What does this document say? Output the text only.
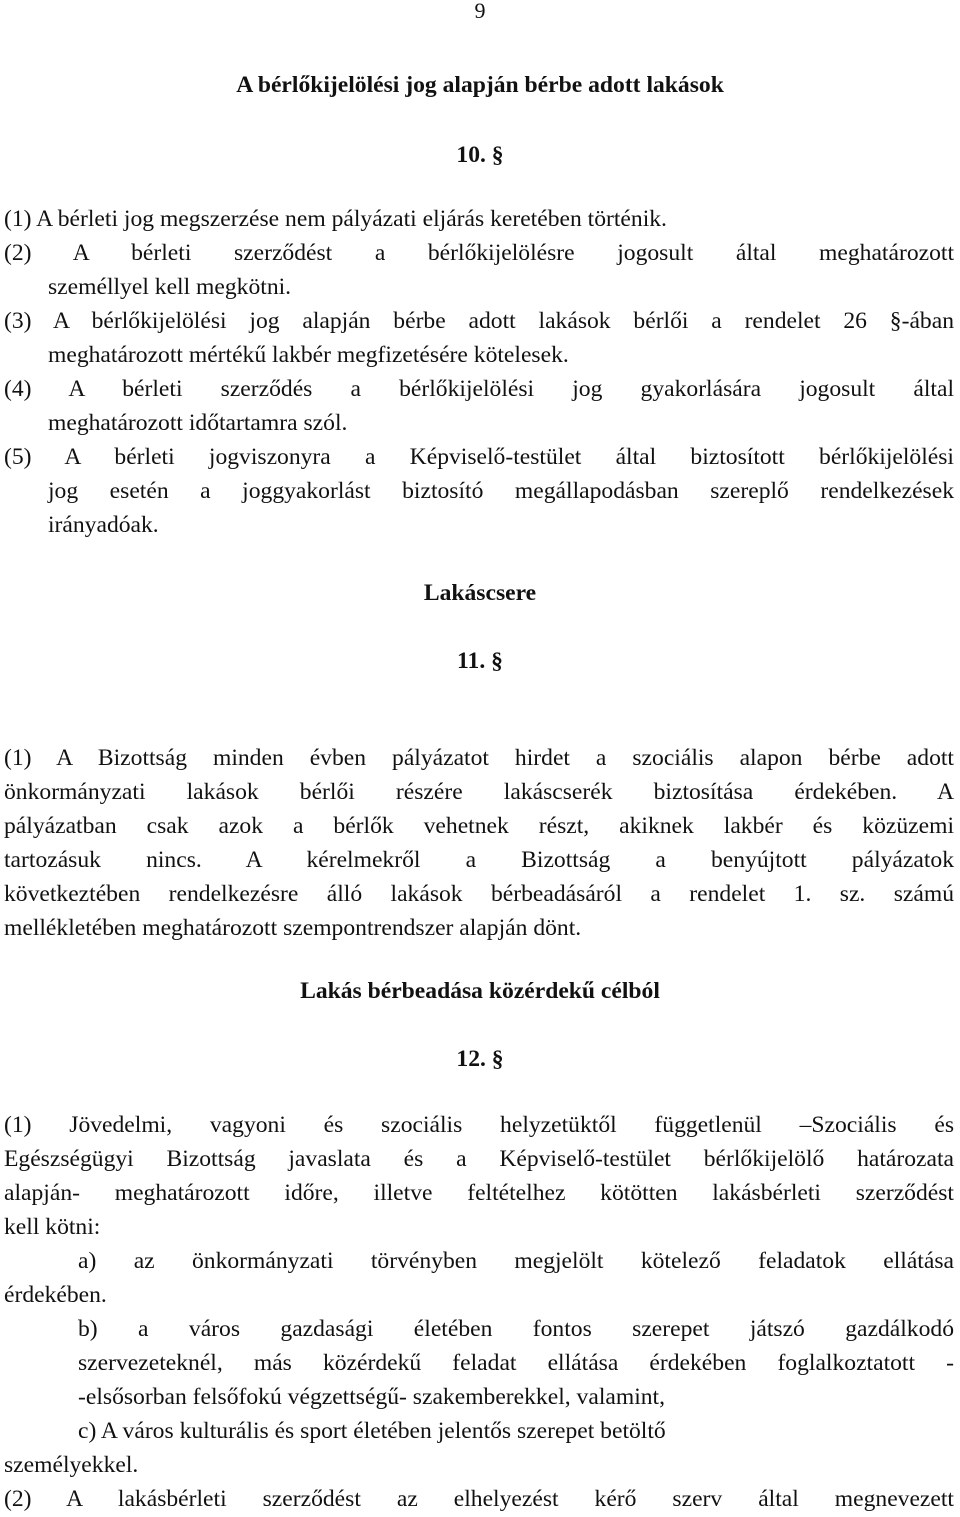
9
A bérlőkijelölési jog alapján bérbe adott lakások
10. §
(1) A bérleti jog megszerzése nem pályázati eljárás keretében történik.
(2) A bérleti szerződést a bérlőkijelölésre jogosult által meghatározott
személlyel kell megkötni.
(3) A bérlőkijelölési jog alapján bérbe adott lakások bérlői a rendelet 26 §-ában
meghatározott mértékű lakbér megfizetésére kötelesek.
(4) A bérleti szerződés a bérlőkijelölési jog gyakorlására jogosult által
meghatározott időtartamra szól.
(5) A bérleti jogviszonyra a Képviselő-testület által biztosított bérlőkijelölési
jog esetén a joggyakorlást biztosító megállapodásban szereplő rendelkezések
irányadóak.
Lakáscsere
11. §
(1) A Bizottság minden évben pályázatot hirdet a szociális alapon bérbe adott
önkormányzati lakások bérlői részére lakáscserék biztosítása érdekében. A
pályázatban csak azok a bérlők vehetnek részt, akiknek lakbér és közüzemi
tartozásuk nincs. A kérelmekről a Bizottság a benyújtott pályázatok
következtében rendelkezésre álló lakások bérbeadásáról a rendelet 1. sz. számú
mellékletében meghatározott szempontrendszer alapján dönt.
Lakás bérbeadása közérdekű célból
12. §
(1) Jövedelmi, vagyoni és szociális helyzetüktől függetlenül –Szociális és
Egészségügyi Bizottság javaslata és a Képviselő-testület bérlőkijelölő határozata
alapján- meghatározott időre, illetve feltételhez kötötten lakásbérleti szerződést
kell kötni:
a) az önkormányzati törvényben megjelölt kötelező feladatok ellátása
érdekében.
b) a város gazdasági életében fontos szerepet játszó gazdálkodó
szervezeteknél, más közérdekű feladat ellátása érdekében foglalkoztatott -
-elsősorban felsőfokú végzettségű- szakemberekkel, valamint,
c) A város kulturális és sport életében jelentős szerepet betöltő
személyekkel.
(2) A lakásbérleti szerződést az elhelyezést kérő szerv által megnevezett
